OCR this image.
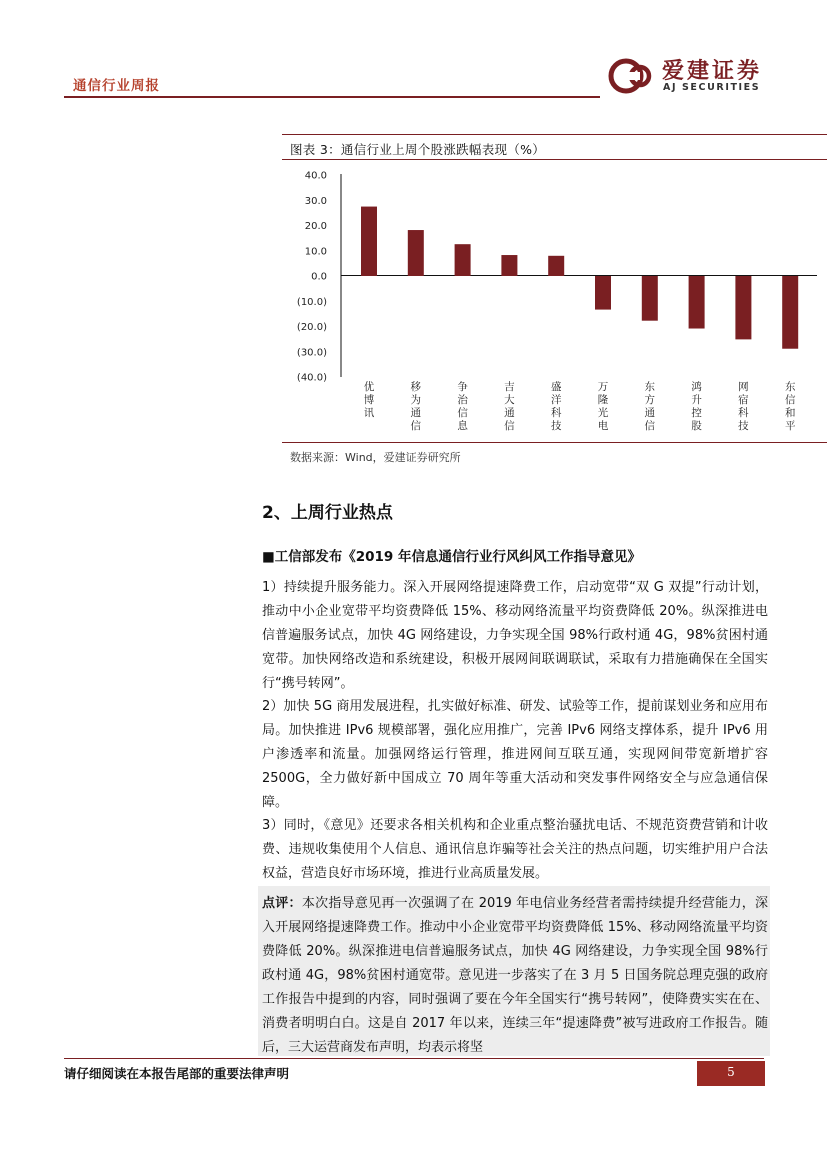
通信行业周报
爱建证券
AJ SECURITIES
图表 3：通信行业上周个股涨跌幅表现（%）
40.0
30.0
20.0
10.0
0.0
(10.0)
(20.0)
(30.0)
(40.0)
优博讯
移为通信
争治信息
吉大通信
盛洋科技
万隆光电
东方通信
鸿升控股
网宿科技
东信和平
数据来源：Wind，爱建证券研究所
2、上周行业热点
■工信部发布《2019 年信息通信行业行风纠风工作指导意见》
1）持续提升服务能力。深入开展网络提速降费工作，启动宽带“双 G 双提”行动计划，推动中小企业宽带平均资费降低 15%、移动网络流量平均资费降低 20%。纵深推进电信普遍服务试点，加快 4G 网络建设，力争实现全国 98%行政村通 4G，98%贫困村通宽带。加快网络改造和系统建设，积极开展网间联调联试，采取有力措施确保在全国实行“携号转网”。
2）加快 5G 商用发展进程，扎实做好标准、研发、试验等工作，提前谋划业务和应用布局。加快推进 IPv6 规模部署，强化应用推广，完善 IPv6 网络支撑体系，提升 IPv6 用户渗透率和流量。加强网络运行管理，推进网间互联互通，实现网间带宽新增扩容 2500G，全力做好新中国成立 70 周年等重大活动和突发事件网络安全与应急通信保障。
3）同时，《意见》还要求各相关机构和企业重点整治骚扰电话、不规范资费营销和计收费、违规收集使用个人信息、通讯信息诈骗等社会关注的热点问题，切实维护用户合法权益，营造良好市场环境，推进行业高质量发展。
点评：本次指导意见再一次强调了在 2019 年电信业务经营者需持续提升经营能力，深入开展网络提速降费工作。推动中小企业宽带平均资费降低 15%、移动网络流量平均资费降低 20%。纵深推进电信普遍服务试点，加快 4G 网络建设，力争实现全国 98%行政村通 4G，98%贫困村通宽带。意见进一步落实了在 3 月 5 日国务院总理克强的政府工作报告中提到的内容，同时强调了要在今年全国实行“携号转网”，使降费实实在在、消费者明明白白。这是自 2017 年以来，连续三年“提速降费”被写进政府工作报告。随后，三大运营商发布声明，均表示将坚
请仔细阅读在本报告尾部的重要法律声明	5
